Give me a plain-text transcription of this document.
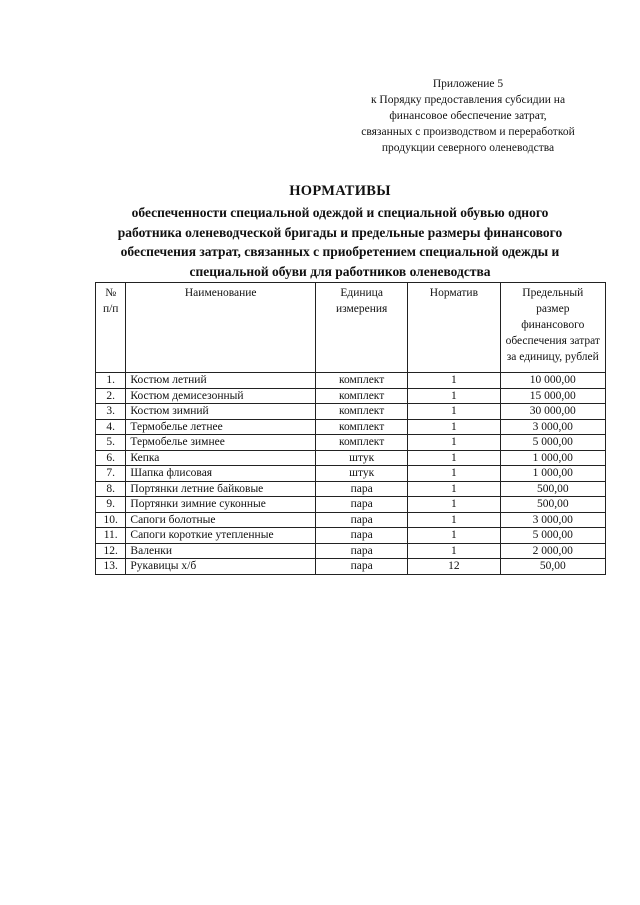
Приложение 5
к Порядку предоставления субсидии на
финансовое обеспечение затрат,
связанных с производством и переработкой
продукции северного оленеводства
НОРМАТИВЫ
обеспеченности специальной одеждой и специальной обувью одного
работника оленеводческой бригады и предельные размеры финансового
обеспечения затрат, связанных с приобретением специальной одежды и
специальной обуви для работников оленеводства
№ п/п	Наименование	Единица измерения	Норматив	Предельный размер финансового обеспечения затрат за единицу, рублей
1.	Костюм летний	комплект	1	10 000,00
2.	Костюм демисезонный	комплект	1	15 000,00
3.	Костюм зимний	комплект	1	30 000,00
4.	Термобелье летнее	комплект	1	3 000,00
5.	Термобелье зимнее	комплект	1	5 000,00
6.	Кепка	штук	1	1 000,00
7.	Шапка флисовая	штук	1	1 000,00
8.	Портянки летние байковые	пара	1	500,00
9.	Портянки зимние суконные	пара	1	500,00
10.	Сапоги болотные	пара	1	3 000,00
11.	Сапоги короткие утепленные	пара	1	5 000,00
12.	Валенки	пара	1	2 000,00
13.	Рукавицы х/б	пара	12	50,00
